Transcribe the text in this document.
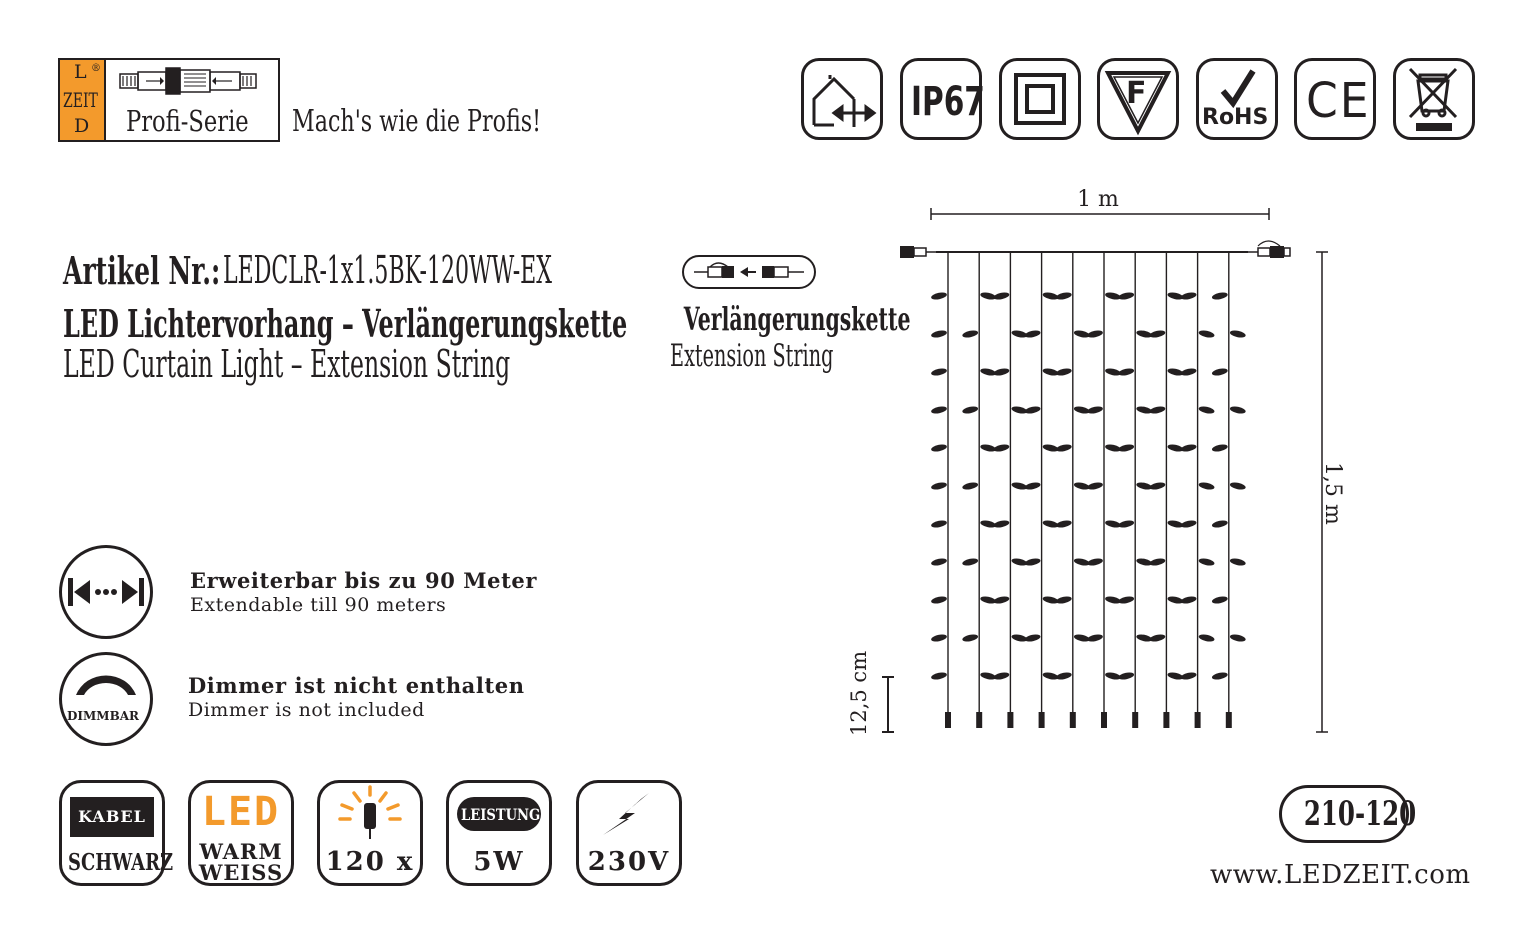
L ®
ZEIT
D Profi-Serie Mach's wie die Profis!	IP67	F
RoHS CE
Artikel Nr.: LEDCLR-1x1.5BK-120WW-EX
LED Lichtervorhang – Verlängerungskette
LED Curtain Light – Extension String
Verlängerungskette
Extension String
Erweiterbar bis zu 90 Meter
Extendable till 90 meters
DIMMBAR
Dimmer ist nicht enthalten
Dimmer is not included
KABEL
SCHWARZ
LED
WARM
WEISS	120 x
LEISTUNG
5W	230V
1 m
1,5 m
12,5 cm
210-120
www.LEDZEIT.com
